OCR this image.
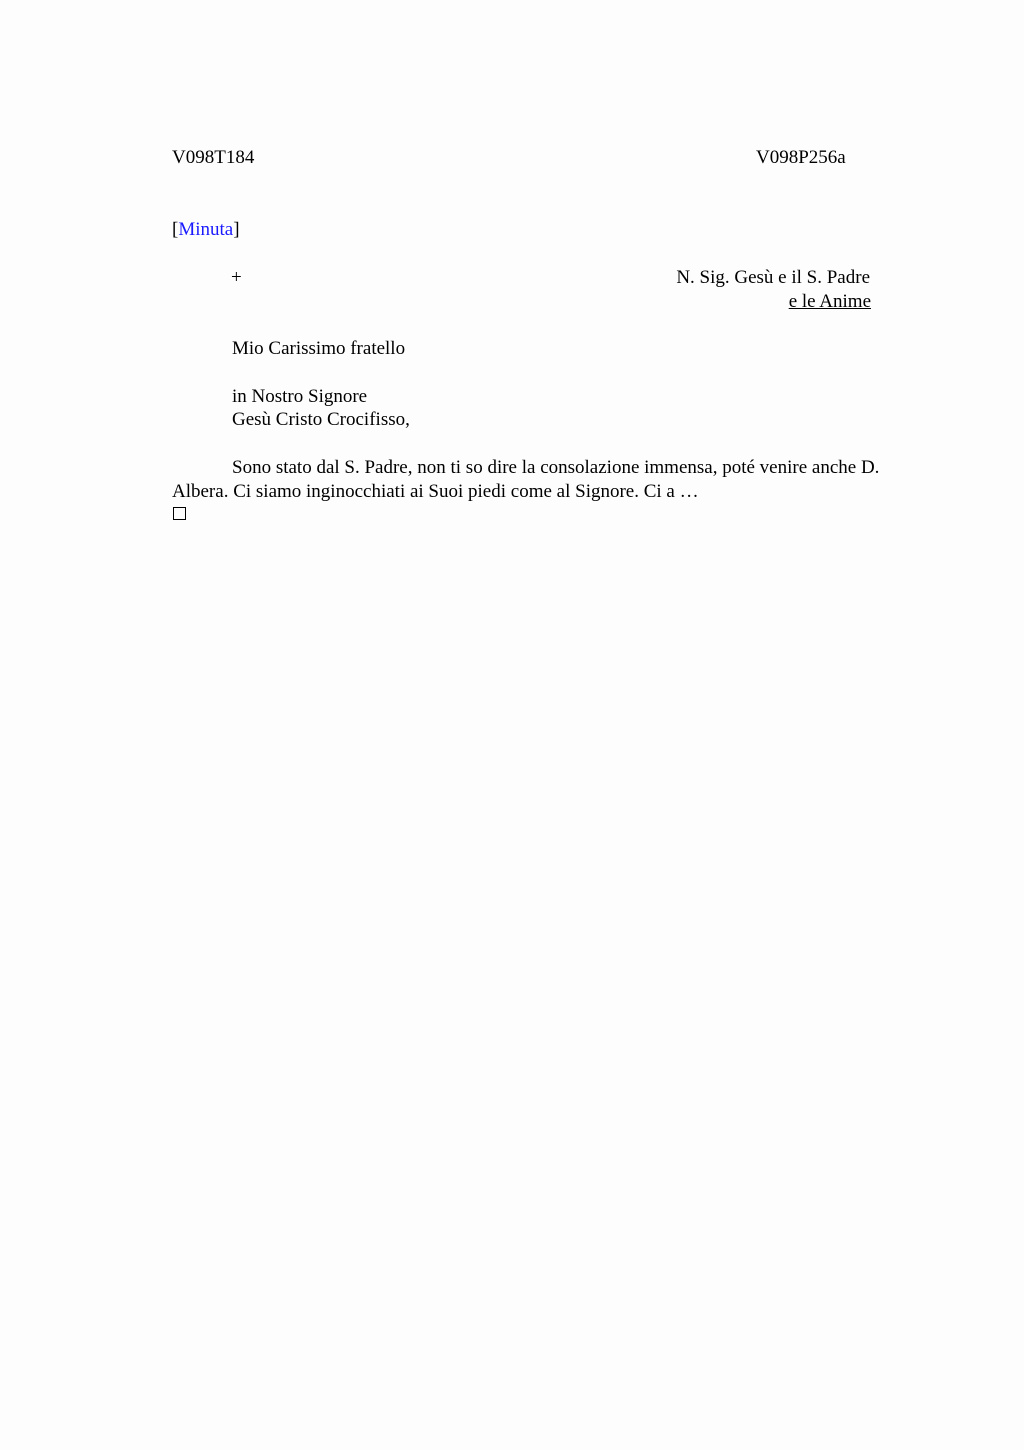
V098T184	V098P256a
[Minuta]
+	N. Sig. Gesù e il S. Padre
e le Anime
Mio Carissimo fratello
in Nostro Signore
Gesù Cristo Crocifisso,
Sono stato dal S. Padre, non ti so dire la consolazione immensa, poté venire anche D. Albera. Ci siamo inginocchiati ai Suoi piedi come al Signore. Ci a …
